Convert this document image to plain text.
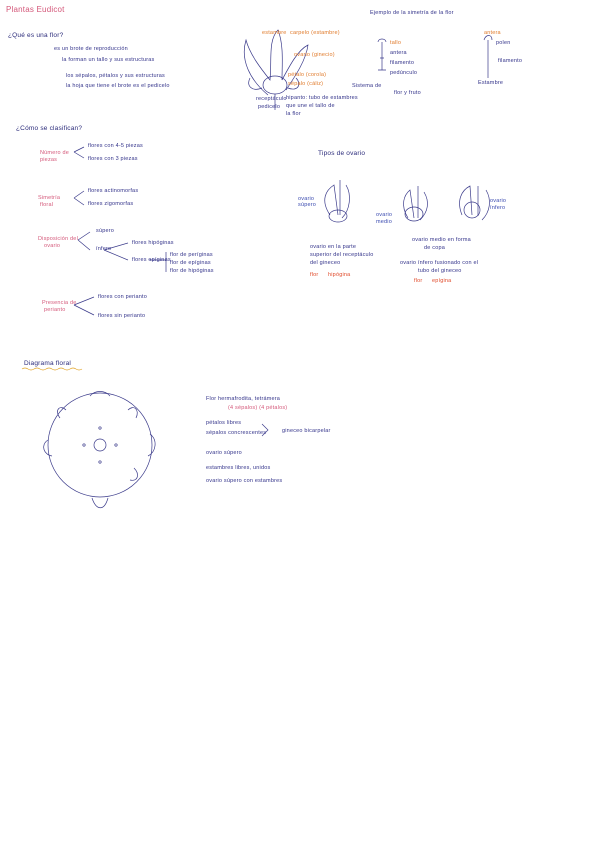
Plantas Eudicot
¿Qué es una flor?
es un brote de reproducción
la forman un tallo y sus estructuras
los sépalos, pétalos y sus estructuras
la hoja que tiene el brote es el pedicelo
estambre carpelo (estambre)
ovario (ginecio)
pétalo (corola)
sépalo (cáliz)
receptáculo
pedicelo
hipanto: tubo de estambres
que une el tallo de
la flor
Ejemplo de la simetría de la flor
tallo
antera
filamento
pedúnculo
Sistema de
flor y fruto
antera
polen
filamento
Estambre
¿Cómo se clasifican?
Número de
piezas
flores con 4-5 piezas
flores con 3 piezas
Simetría
floral
flores actinomorfas
flores zigomorfas
Disposición del
ovario
súpero
ínfero
flores hipóginas
flores epíginas
flor de períginas
flor de epíginas
flor de hipóginas
Presencia de
perianto
flores con perianto
flores sin perianto
Tipos de ovario
ovario
súpero
ovario en la parte
superior del receptáculo
del gineceo
flor hipógina
ovario
medio
ovario medio en forma
de copa
ovario
ínfero
ovario ínfero fusionado con el
tubo del gineceo
flor epígina
Diagrama floral
Flor hermafrodita, tetrámera
(4 sépalos) (4 pétalos)
pétalos libres
sépalos concrescentes	gineceo bicarpelar
ovario súpero
estambres libres, unidos
ovario súpero con estambres
